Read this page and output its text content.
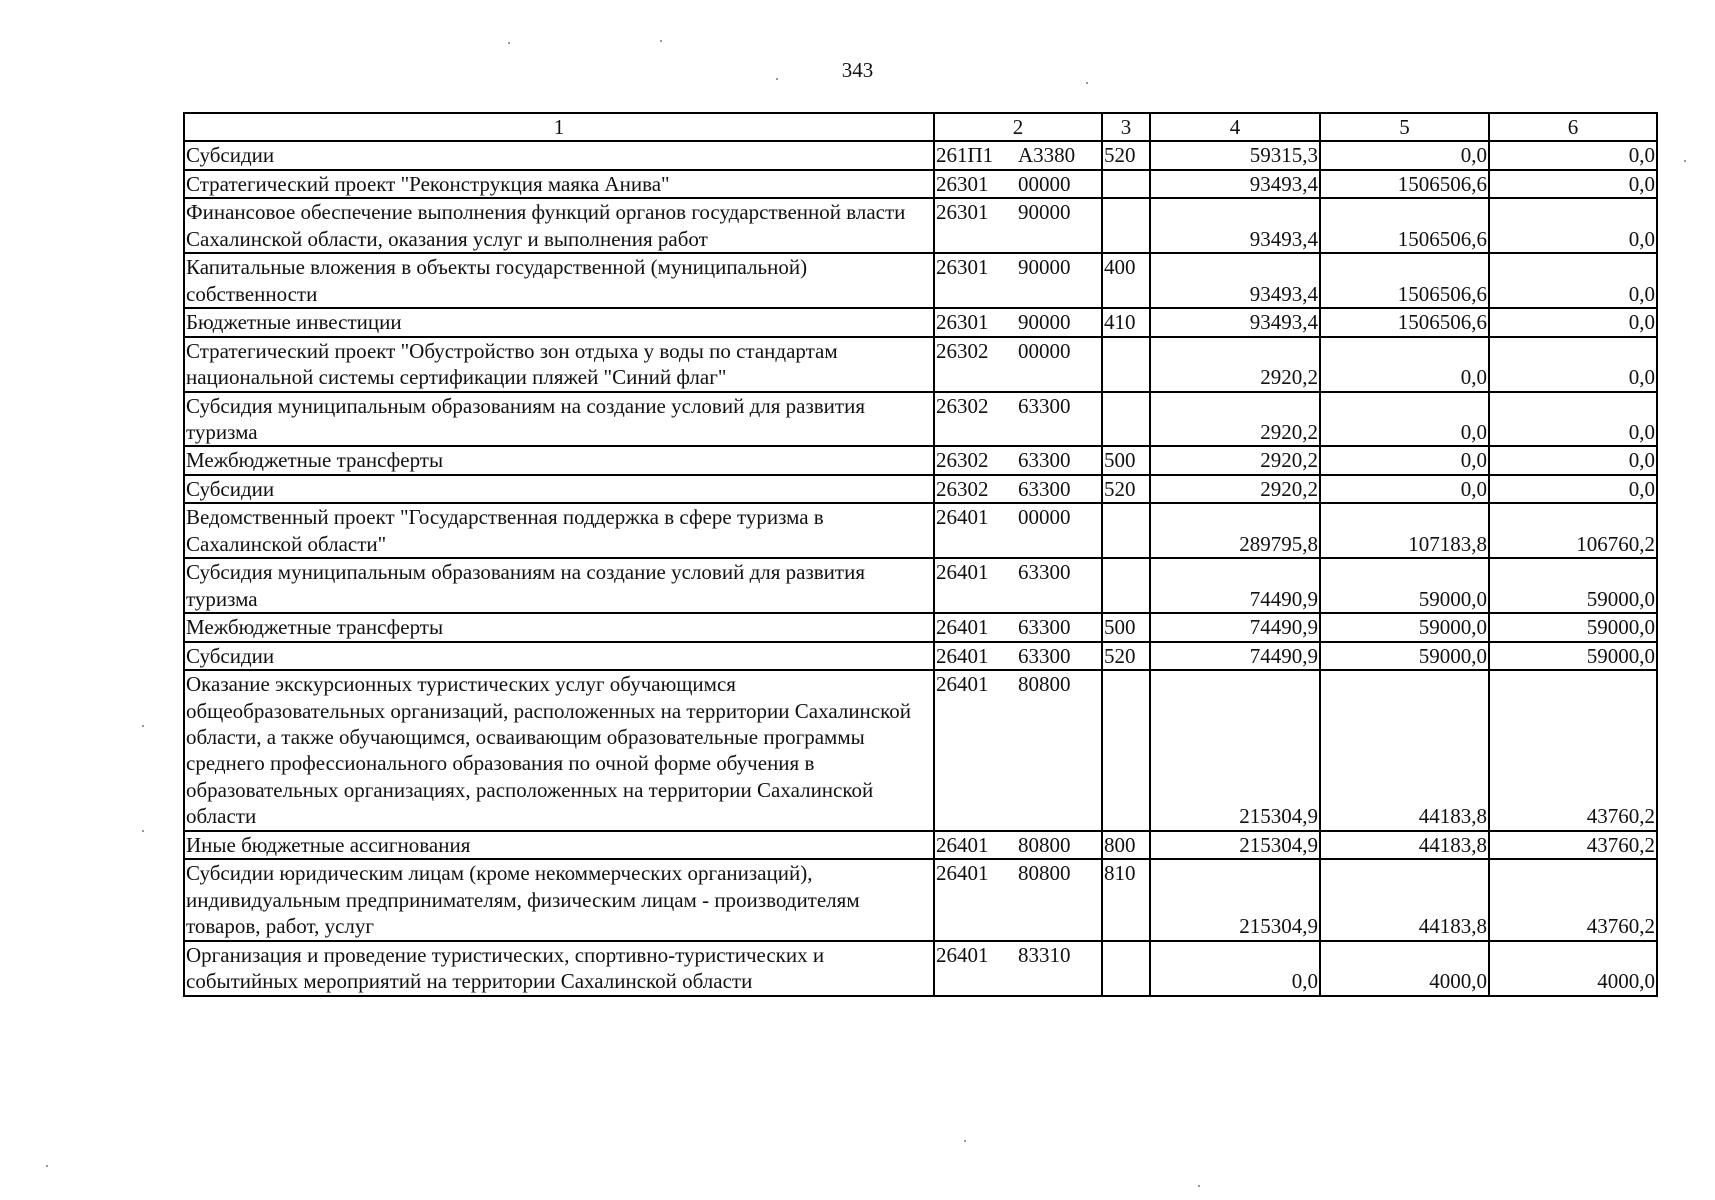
343
1	2	3	4	5	6
Субсидии	261П1 А3380	520	59315,3	0,0	0,0
Стратегический проект "Реконструкция маяка Анива"	26301 00000		93493,4	1506506,6	0,0
Финансовое обеспечение выполнения функций органов государственной власти Сахалинской области, оказания услуг и выполнения работ	26301 90000		93493,4	1506506,6	0,0
Капитальные вложения в объекты государственной (муниципальной) собственности	26301 90000	400	93493,4	1506506,6	0,0
Бюджетные инвестиции	26301 90000	410	93493,4	1506506,6	0,0
Стратегический проект "Обустройство зон отдыха у воды по стандартам национальной системы сертификации пляжей "Синий флаг"	26302 00000		2920,2	0,0	0,0
Субсидия муниципальным образованиям на создание условий для развития туризма	26302 63300		2920,2	0,0	0,0
Межбюджетные трансферты	26302 63300	500	2920,2	0,0	0,0
Субсидии	26302 63300	520	2920,2	0,0	0,0
Ведомственный проект "Государственная поддержка в сфере туризма в Сахалинской области"	26401 00000		289795,8	107183,8	106760,2
Субсидия муниципальным образованиям на создание условий для развития туризма	26401 63300		74490,9	59000,0	59000,0
Межбюджетные трансферты	26401 63300	500	74490,9	59000,0	59000,0
Субсидии	26401 63300	520	74490,9	59000,0	59000,0
Оказание экскурсионных туристических услуг обучающимся общеобразовательных организаций, расположенных на территории Сахалинской области, а также обучающимся, осваивающим образовательные программы среднего профессионального образования по очной форме обучения в образовательных организациях, расположенных на территории Сахалинской области	26401 80800		215304,9	44183,8	43760,2
Иные бюджетные ассигнования	26401 80800	800	215304,9	44183,8	43760,2
Субсидии юридическим лицам (кроме некоммерческих организаций), индивидуальным предпринимателям, физическим лицам - производителям товаров, работ, услуг	26401 80800	810	215304,9	44183,8	43760,2
Организация и проведение туристических, спортивно-туристических и событийных мероприятий на территории Сахалинской области	26401 83310		0,0	4000,0	4000,0
